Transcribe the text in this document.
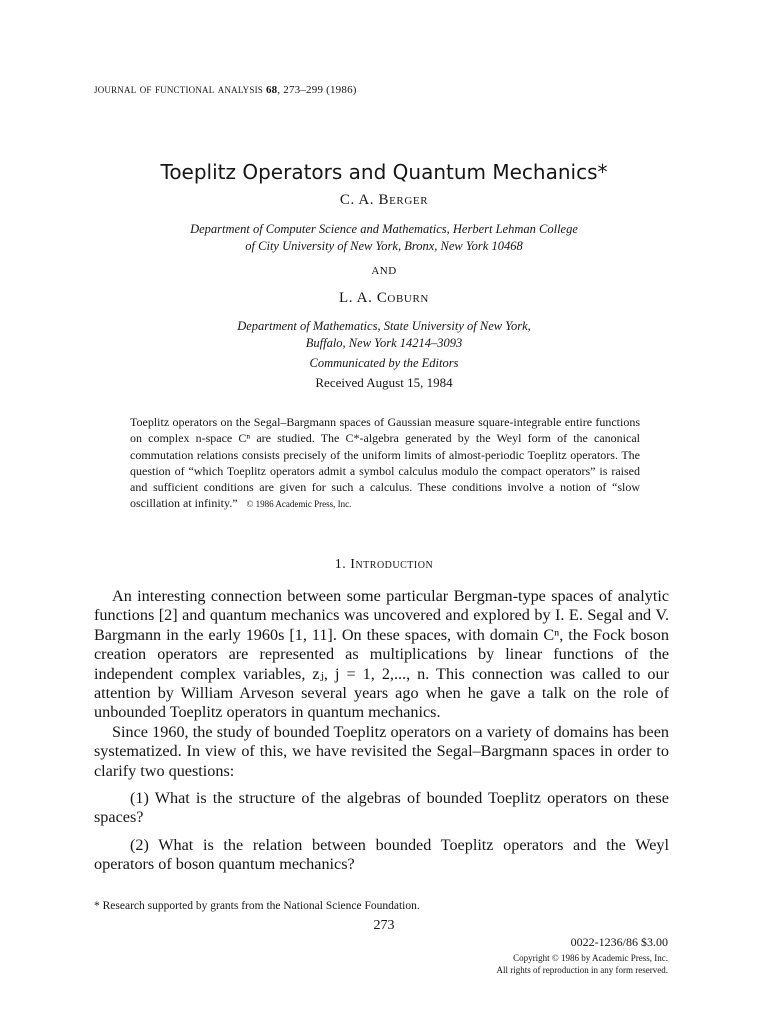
journal of functional analysis 68, 273–299 (1986)
Toeplitz Operators and Quantum Mechanics*
C. A. Berger
Department of Computer Science and Mathematics, Herbert Lehman College
of City University of New York, Bronx, New York 10468
AND
L. A. Coburn
Department of Mathematics, State University of New York,
Buffalo, New York 14214–3093
Communicated by the Editors
Received August 15, 1984
Toeplitz operators on the Segal–Bargmann spaces of Gaussian measure square-integrable entire functions on complex n-space Cⁿ are studied. The C*-algebra generated by the Weyl form of the canonical commutation relations consists precisely of the uniform limits of almost-periodic Toeplitz operators. The question of “which Toeplitz operators admit a symbol calculus modulo the compact operators” is raised and sufficient conditions are given for such a calculus. These conditions involve a notion of “slow oscillation at infinity.” © 1986 Academic Press, Inc.
1. Introduction

An interesting connection between some particular Bergman-type spaces of analytic functions [2] and quantum mechanics was uncovered and explored by I. E. Segal and V. Bargmann in the early 1960s [1, 11]. On these spaces, with domain Cⁿ, the Fock boson creation operators are represented as multiplications by linear functions of the independent complex variables, zⱼ, j = 1, 2,..., n. This connection was called to our attention by William Arveson several years ago when he gave a talk on the role of unbounded Toeplitz operators in quantum mechanics.

Since 1960, the study of bounded Toeplitz operators on a variety of domains has been systematized. In view of this, we have revisited the Segal–Bargmann spaces in order to clarify two questions:

(1) What is the structure of the algebras of bounded Toeplitz operators on these spaces?

(2) What is the relation between bounded Toeplitz operators and the Weyl operators of boson quantum mechanics?

* Research supported by grants from the National Science Foundation.
273
0022-1236/86 $3.00
Copyright © 1986 by Academic Press, Inc.
All rights of reproduction in any form reserved.
